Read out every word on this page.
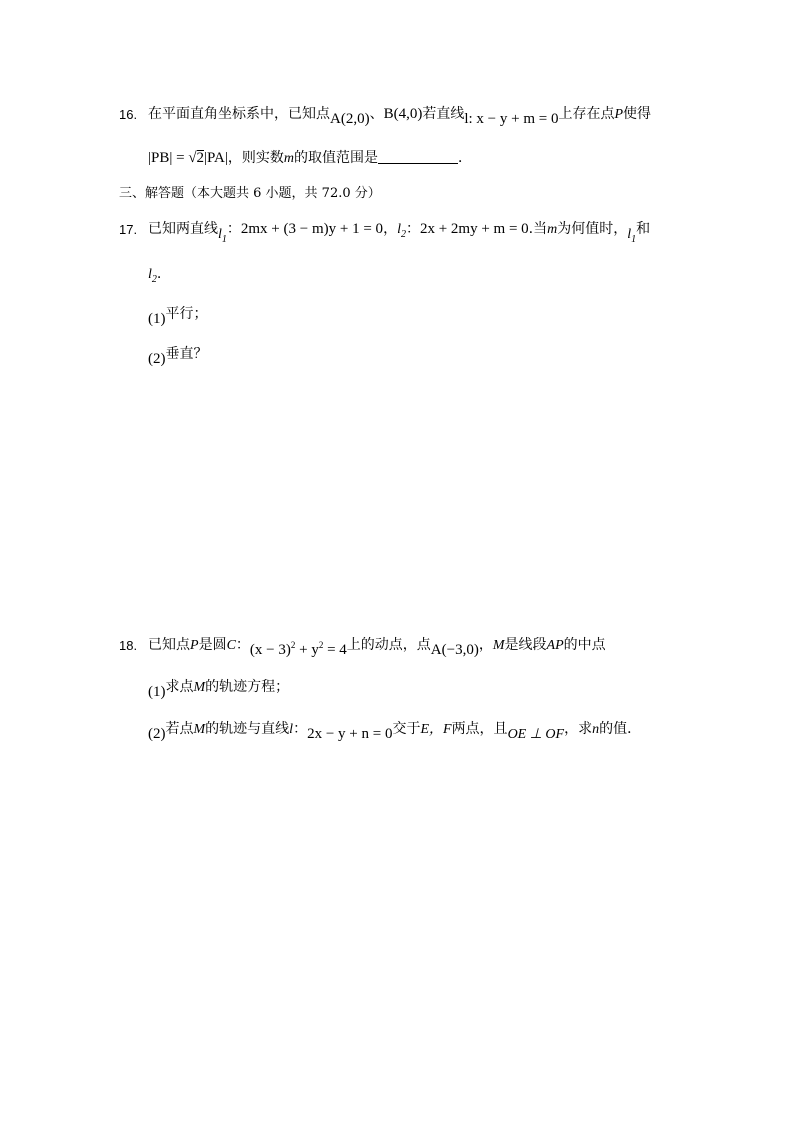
16. 在平面直角坐标系中，已知点A(2,0)、B(4,0)若直线l: x − y + m = 0上存在点P使得
|PB| = √2|PA|，则实数m的取值范围是	．
三、解答题（本大题共 6 小题，共 72.0 分）
17. 已知两直线$l_1$：2mx + (3 − m)y + 1 = 0，$l_2$：2x + 2my + m = 0.当m为何值时，$l_1$和
$l_2$.
(1)平行；
(2)垂直？
18. 已知点P是圆C：$(x - 3)^2 + y^2 = 4$上的动点，点A(−3,0)，M是线段AP的中点
(1)求点M的轨迹方程；
(2)若点M的轨迹与直线l：2x − y + n = 0交于E，F两点，且OE ⊥ OF，求n的值．
